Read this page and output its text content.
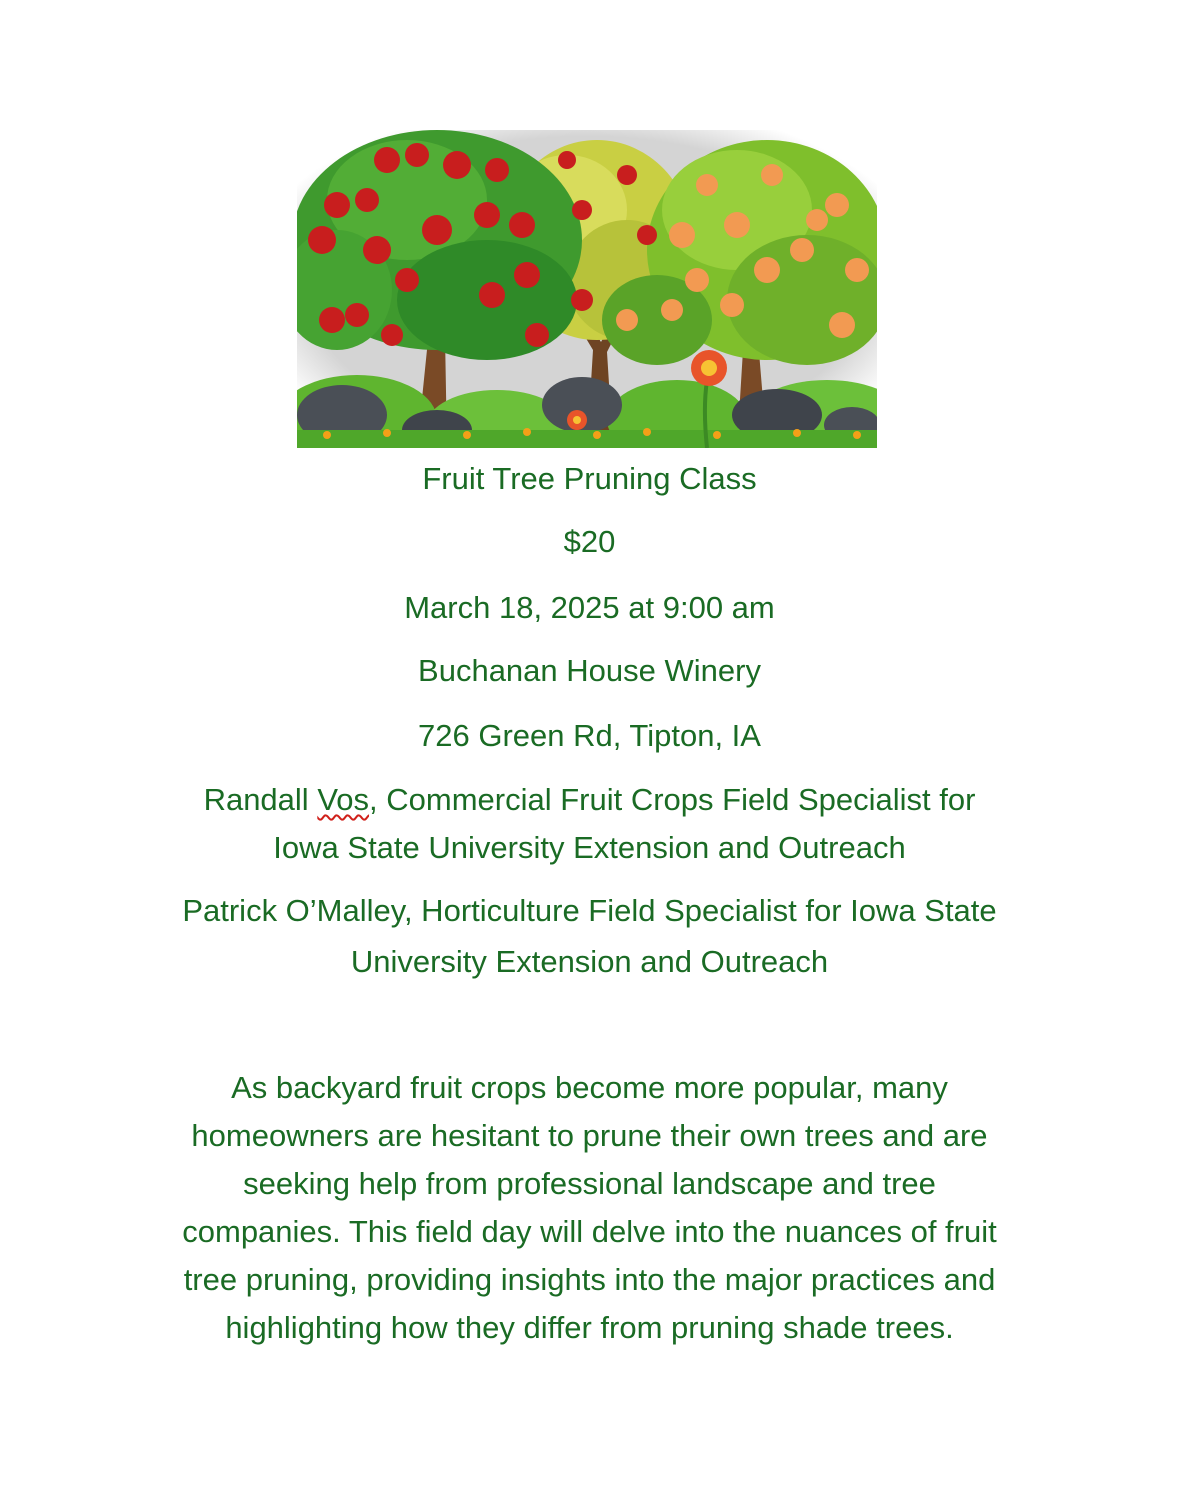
Fruit Tree Pruning Class
$20
March 18, 2025 at 9:00 am
Buchanan House Winery
726 Green Rd, Tipton, IA
Randall Vos, Commercial Fruit Crops Field Specialist for
Iowa State University Extension and Outreach
Patrick O’Malley, Horticulture Field Specialist for Iowa State
University Extension and Outreach
As backyard fruit crops become more popular, many
homeowners are hesitant to prune their own trees and are
seeking help from professional landscape and tree
companies. This field day will delve into the nuances of fruit
tree pruning, providing insights into the major practices and
highlighting how they differ from pruning shade trees.
